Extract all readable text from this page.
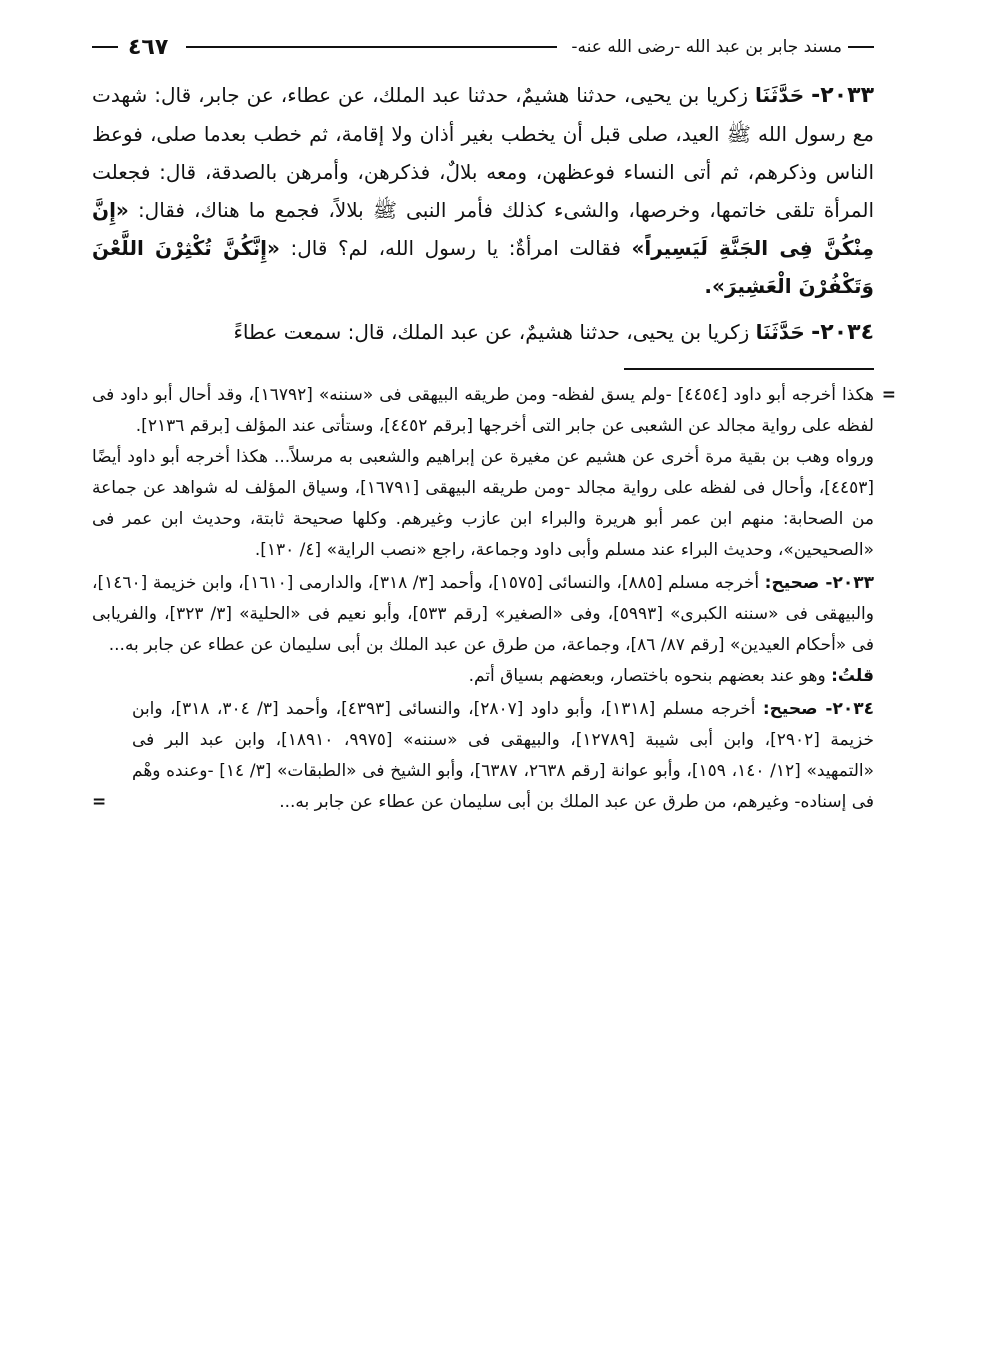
مسند جابر بن عبد الله -رضى الله عنه-
٤٦٧

٢٠٣٣- حَدَّثَنَا زكريا بن يحيى، حدثنا هشيمٌ، حدثنا عبد الملك، عن عطاء، عن جابر، قال: شهدت مع رسول الله ﷺ العيد، صلى قبل أن يخطب بغير أذان ولا إقامة، ثم خطب بعدما صلى، فوعظ الناس وذكرهم، ثم أتى النساء فوعظهن، ومعه بلالٌ، فذكرهن، وأمرهن بالصدقة، قال: فجعلت المرأة تلقى خاتمها، وخرصها، والشىء كذلك فأمر النبى ﷺ بلالاً، فجمع ما هناك، فقال: «إِنَّ مِنْكُنَّ فِى الجَنَّةِ لَيَسِيراً» فقالت امرأةٌ: يا رسول الله، لم؟ قال: «إِنَّكُنَّ تُكْثِرْنَ اللَّعْنَ وَتَكْفُرْنَ الْعَشِيرَ».

٢٠٣٤- حَدَّثَنَا زكريا بن يحيى، حدثنا هشيمٌ، عن عبد الملك، قال: سمعت عطاءً

=
هكذا أخرجه أبو داود [٤٤٥٤] -ولم يسق لفظه- ومن طريقه البيهقى فى «سننه» [١٦٧٩٢]، وقد أحال أبو داود فى لفظه على رواية مجالد عن الشعبى عن جابر التى أخرجها [برقم ٤٤٥٢]، وستأتى عند المؤلف [برقم ٢١٣٦].

ورواه وهب بن بقية مرة أخرى عن هشيم عن مغيرة عن إبراهيم والشعبى به مرسلاً... هكذا أخرجه أبو داود أيضًا [٤٤٥٣]، وأحال فى لفظه على رواية مجالد -ومن طريقه البيهقى [١٦٧٩١]، وسياق المؤلف له شواهد عن جماعة من الصحابة: منهم ابن عمر أبو هريرة والبراء ابن عازب وغيرهم. وكلها صحيحة ثابتة، وحديث ابن عمر فى «الصحيحين»، وحديث البراء عند مسلم وأبى داود وجماعة، راجع «نصب الراية» [٤/ ١٣٠].

٢٠٣٣- صحيح: أخرجه مسلم [٨٨٥]، والنسائى [١٥٧٥]، وأحمد [٣/ ٣١٨]، والدارمى [١٦١٠]، وابن خزيمة [١٤٦٠]، والبيهقى فى «سننه الكبرى» [٥٩٩٣]، وفى «الصغير» [رقم ٥٣٣]، وأبو نعيم فى «الحلية» [٣/ ٣٢٣]، والفريابى فى «أحكام العيدين» [رقم ٨٧/ ٨٦]، وجماعة، من طرق عن عبد الملك بن أبى سليمان عن عطاء عن جابر به...

قلتُ: وهو عند بعضهم بنحوه باختصار، وبعضهم بسياق أتم.

٢٠٣٤- صحيح: أخرجه مسلم [١٣١٨]، وأبو داود [٢٨٠٧]، والنسائى [٤٣٩٣]، وأحمد [٣/ ٣٠٤، ٣١٨]، وابن خزيمة [٢٩٠٢]، وابن أبى شيبة [١٢٧٨٩]، والبيهقى فى «سننه» [٩٩٧٥، ١٨٩١٠]، وابن عبد البر فى «التمهيد» [١٢/ ١٤٠، ١٥٩]، وأبو عوانة [رقم ٢٦٣٨، ٦٣٨٧]، وأبو الشيخ فى «الطبقات» [٣/ ١٤] -وعنده وهْم فى إسناده- وغيرهم، من طرق عن عبد الملك بن أبى سليمان عن عطاء عن جابر به...
=
